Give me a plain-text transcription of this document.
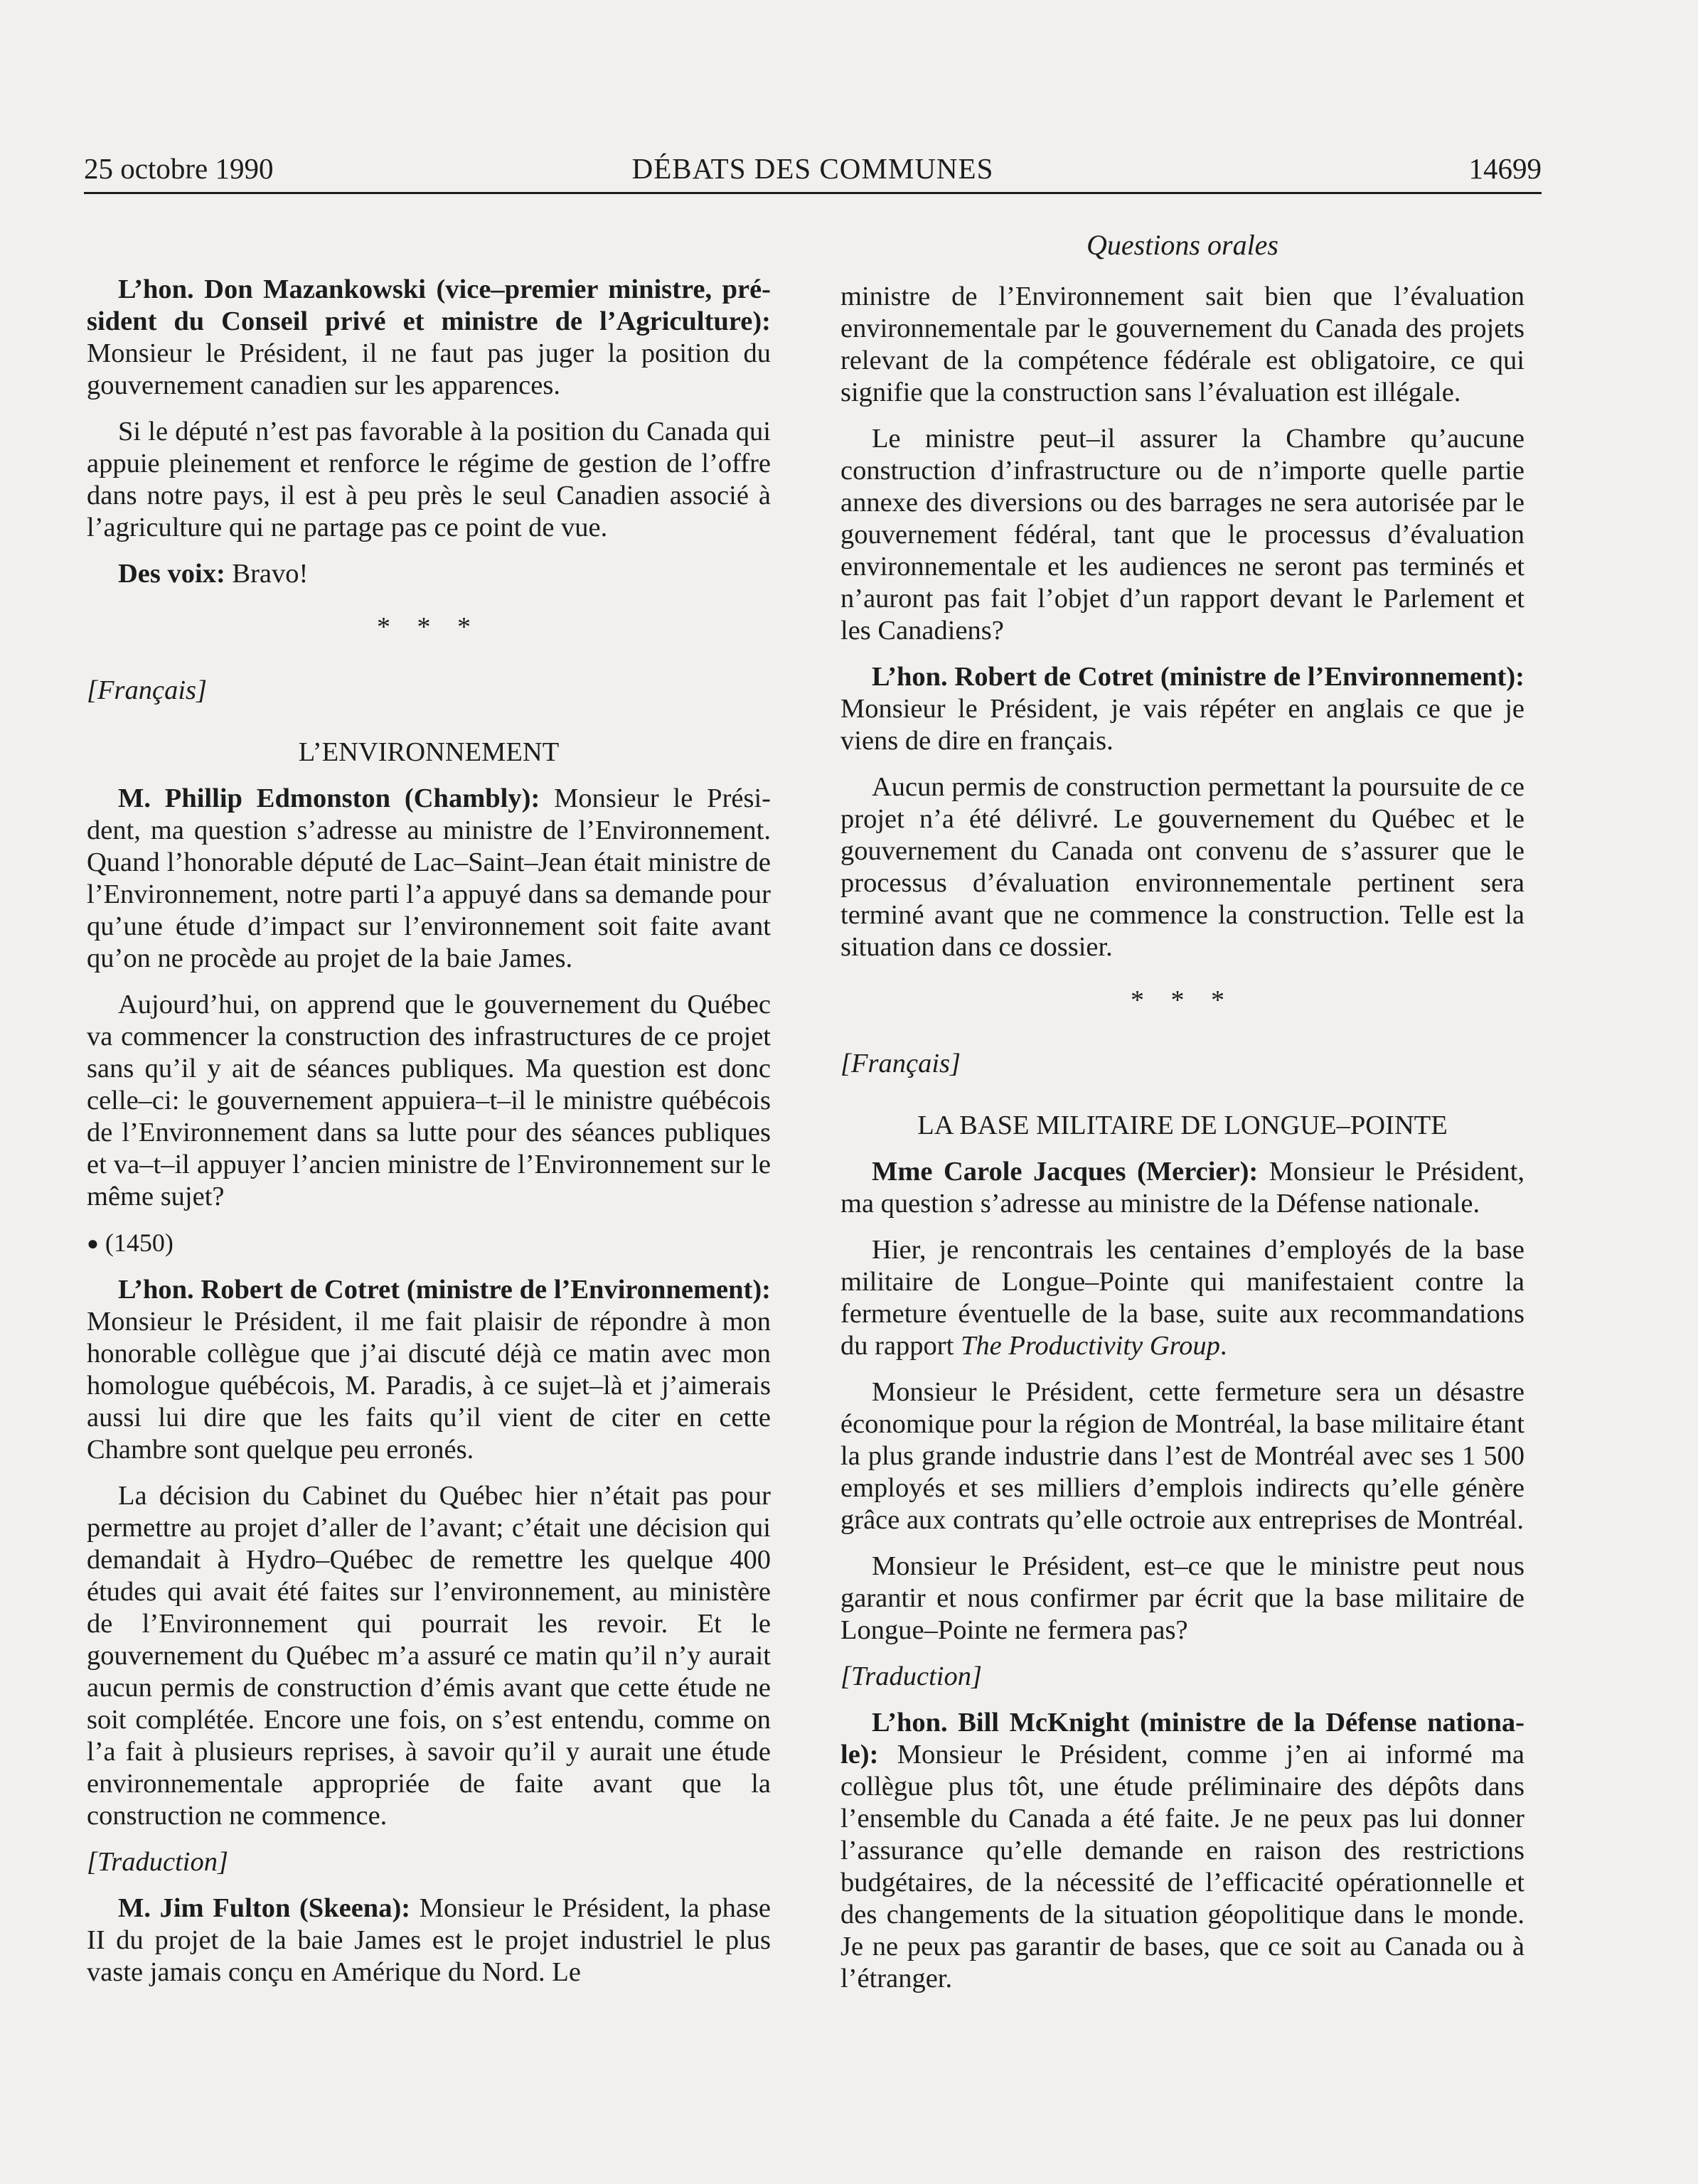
25 octobre 1990	DÉBATS DES COMMUNES	14699
Questions orales

L’hon. Don Mazankowski (vice–premier ministre, président du Conseil privé et ministre de l’Agriculture): Monsieur le Président, il ne faut pas juger la position du gouvernement canadien sur les apparences.

Si le député n’est pas favorable à la position du Canada qui appuie pleinement et renforce le régime de gestion de l’offre dans notre pays, il est à peu près le seul Canadien associé à l’agriculture qui ne partage pas ce point de vue.

Des voix: Bravo!

* * *

[Français]

L’ENVIRONNEMENT

M. Phillip Edmonston (Chambly): Monsieur le Président, ma question s’adresse au ministre de l’Environnement. Quand l’honorable député de Lac–Saint–Jean était ministre de l’Environnement, notre parti l’a appuyé dans sa demande pour qu’une étude d’impact sur l’environnement soit faite avant qu’on ne procède au projet de la baie James.

Aujourd’hui, on apprend que le gouvernement du Québec va commencer la construction des infrastructures de ce projet sans qu’il y ait de séances publiques. Ma question est donc celle–ci: le gouvernement appuiera–t–il le ministre québécois de l’Environnement dans sa lutte pour des séances publiques et va–t–il appuyer l’ancien ministre de l’Environnement sur le même sujet?

● (1450)

L’hon. Robert de Cotret (ministre de l’Environnement): Monsieur le Président, il me fait plaisir de répondre à mon honorable collègue que j’ai discuté déjà ce matin avec mon homologue québécois, M. Paradis, à ce sujet–là et j’aimerais aussi lui dire que les faits qu’il vient de citer en cette Chambre sont quelque peu erronés.

La décision du Cabinet du Québec hier n’était pas pour permettre au projet d’aller de l’avant; c’était une décision qui demandait à Hydro–Québec de remettre les quelque 400 études qui avait été faites sur l’environnement, au ministère de l’Environnement qui pourrait les revoir. Et le gouvernement du Québec m’a assuré ce matin qu’il n’y aurait aucun permis de construction d’émis avant que cette étude ne soit complétée. Encore une fois, on s’est entendu, comme on l’a fait à plusieurs reprises, à savoir qu’il y aurait une étude environnementale appropriée de faite avant que la construction ne commence.

[Traduction]

M. Jim Fulton (Skeena): Monsieur le Président, la phase II du projet de la baie James est le projet industriel le plus vaste jamais conçu en Amérique du Nord. Le

ministre de l’Environnement sait bien que l’évaluation environnementale par le gouvernement du Canada des projets relevant de la compétence fédérale est obligatoire, ce qui signifie que la construction sans l’évaluation est illégale.

Le ministre peut–il assurer la Chambre qu’aucune construction d’infrastructure ou de n’importe quelle partie annexe des diversions ou des barrages ne sera autorisée par le gouvernement fédéral, tant que le processus d’évaluation environnementale et les audiences ne seront pas terminés et n’auront pas fait l’objet d’un rapport devant le Parlement et les Canadiens?

L’hon. Robert de Cotret (ministre de l’Environnement): Monsieur le Président, je vais répéter en anglais ce que je viens de dire en français.

Aucun permis de construction permettant la poursuite de ce projet n’a été délivré. Le gouvernement du Québec et le gouvernement du Canada ont convenu de s’assurer que le processus d’évaluation environnementale pertinent sera terminé avant que ne commence la construction. Telle est la situation dans ce dossier.

* * *

[Français]

LA BASE MILITAIRE DE LONGUE–POINTE

Mme Carole Jacques (Mercier): Monsieur le Président, ma question s’adresse au ministre de la Défense nationale.

Hier, je rencontrais les centaines d’employés de la base militaire de Longue–Pointe qui manifestaient contre la fermeture éventuelle de la base, suite aux recommandations du rapport The Productivity Group.

Monsieur le Président, cette fermeture sera un désastre économique pour la région de Montréal, la base militaire étant la plus grande industrie dans l’est de Montréal avec ses 1 500 employés et ses milliers d’emplois indirects qu’elle génère grâce aux contrats qu’elle octroie aux entreprises de Montréal.

Monsieur le Président, est–ce que le ministre peut nous garantir et nous confirmer par écrit que la base militaire de Longue–Pointe ne fermera pas?

[Traduction]

L’hon. Bill McKnight (ministre de la Défense nationale): Monsieur le Président, comme j’en ai informé ma collègue plus tôt, une étude préliminaire des dépôts dans l’ensemble du Canada a été faite. Je ne peux pas lui donner l’assurance qu’elle demande en raison des restrictions budgétaires, de la nécessité de l’efficacité opérationnelle et des changements de la situation géopolitique dans le monde. Je ne peux pas garantir de bases, que ce soit au Canada ou à l’étranger.
